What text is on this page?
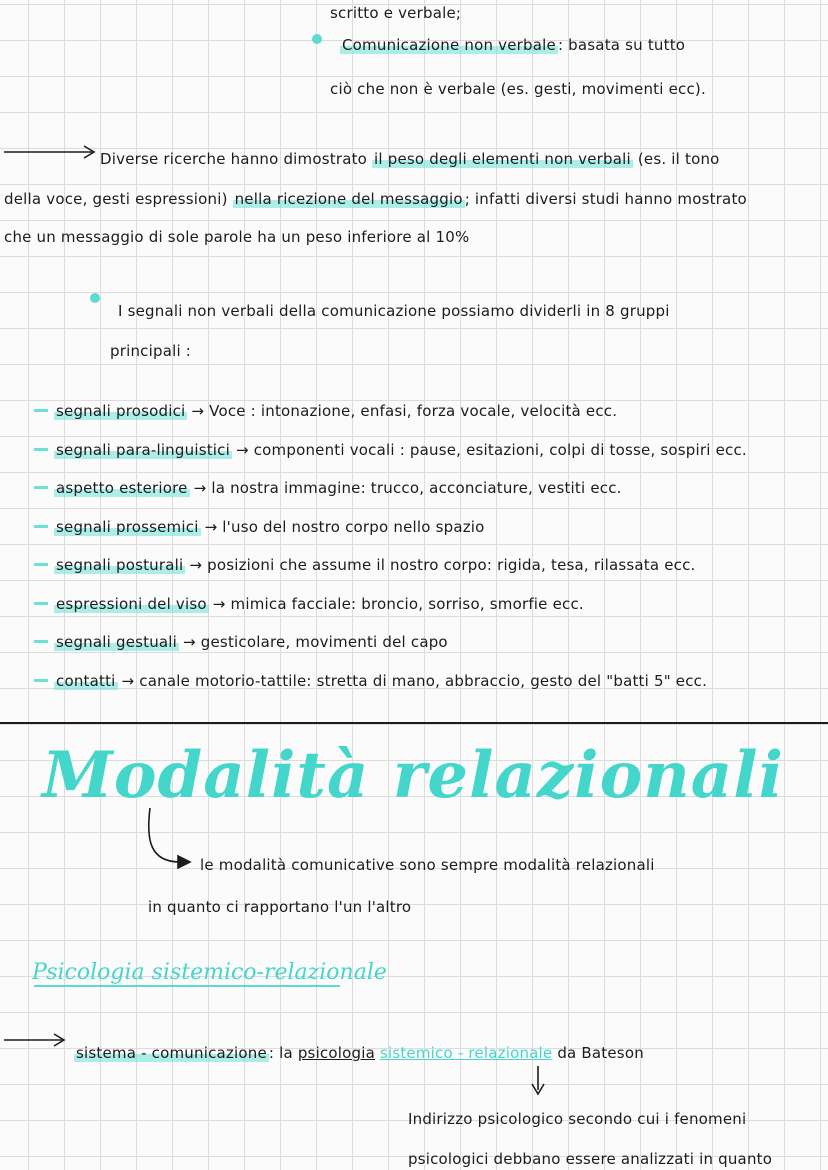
scritto e verbale;
Comunicazione non verbale : basata su tutto
ciò che non è verbale (es. gesti, movimenti ecc).
Diverse ricerche hanno dimostrato il peso degli elementi non verbali (es. il tono
della voce, gesti espressioni) nella ricezione del messaggio ; infatti diversi studi hanno mostrato
che un messaggio di sole parole ha un peso inferiore al 10%
I segnali non verbali della comunicazione possiamo dividerli in 8 gruppi
principali :
segnali prosodici → Voce : intonazione, enfasi, forza vocale, velocità ecc.
segnali para-linguistici → componenti vocali : pause, esitazioni, colpi di tosse, sospiri ecc.
aspetto esteriore → la nostra immagine: trucco, acconciature, vestiti ecc.
segnali prossemici → l'uso del nostro corpo nello spazio
segnali posturali → posizioni che assume il nostro corpo: rigida, tesa, rilassata ecc.
espressioni del viso → mimica facciale: broncio, sorriso, smorfie ecc.
segnali gestuali → gesticolare, movimenti del capo
contatti → canale motorio-tattile: stretta di mano, abbraccio, gesto del "batti 5" ecc.
Modalità relazionali
le modalità comunicative sono sempre modalità relazionali
in quanto ci rapportano l'un l'altro
Psicologia sistemico-relazionale
sistema - comunicazione : la psicologia sistemico - relazionale da Bateson
Indirizzo psicologico secondo cui i fenomeni
psicologici debbano essere analizzati in quanto
